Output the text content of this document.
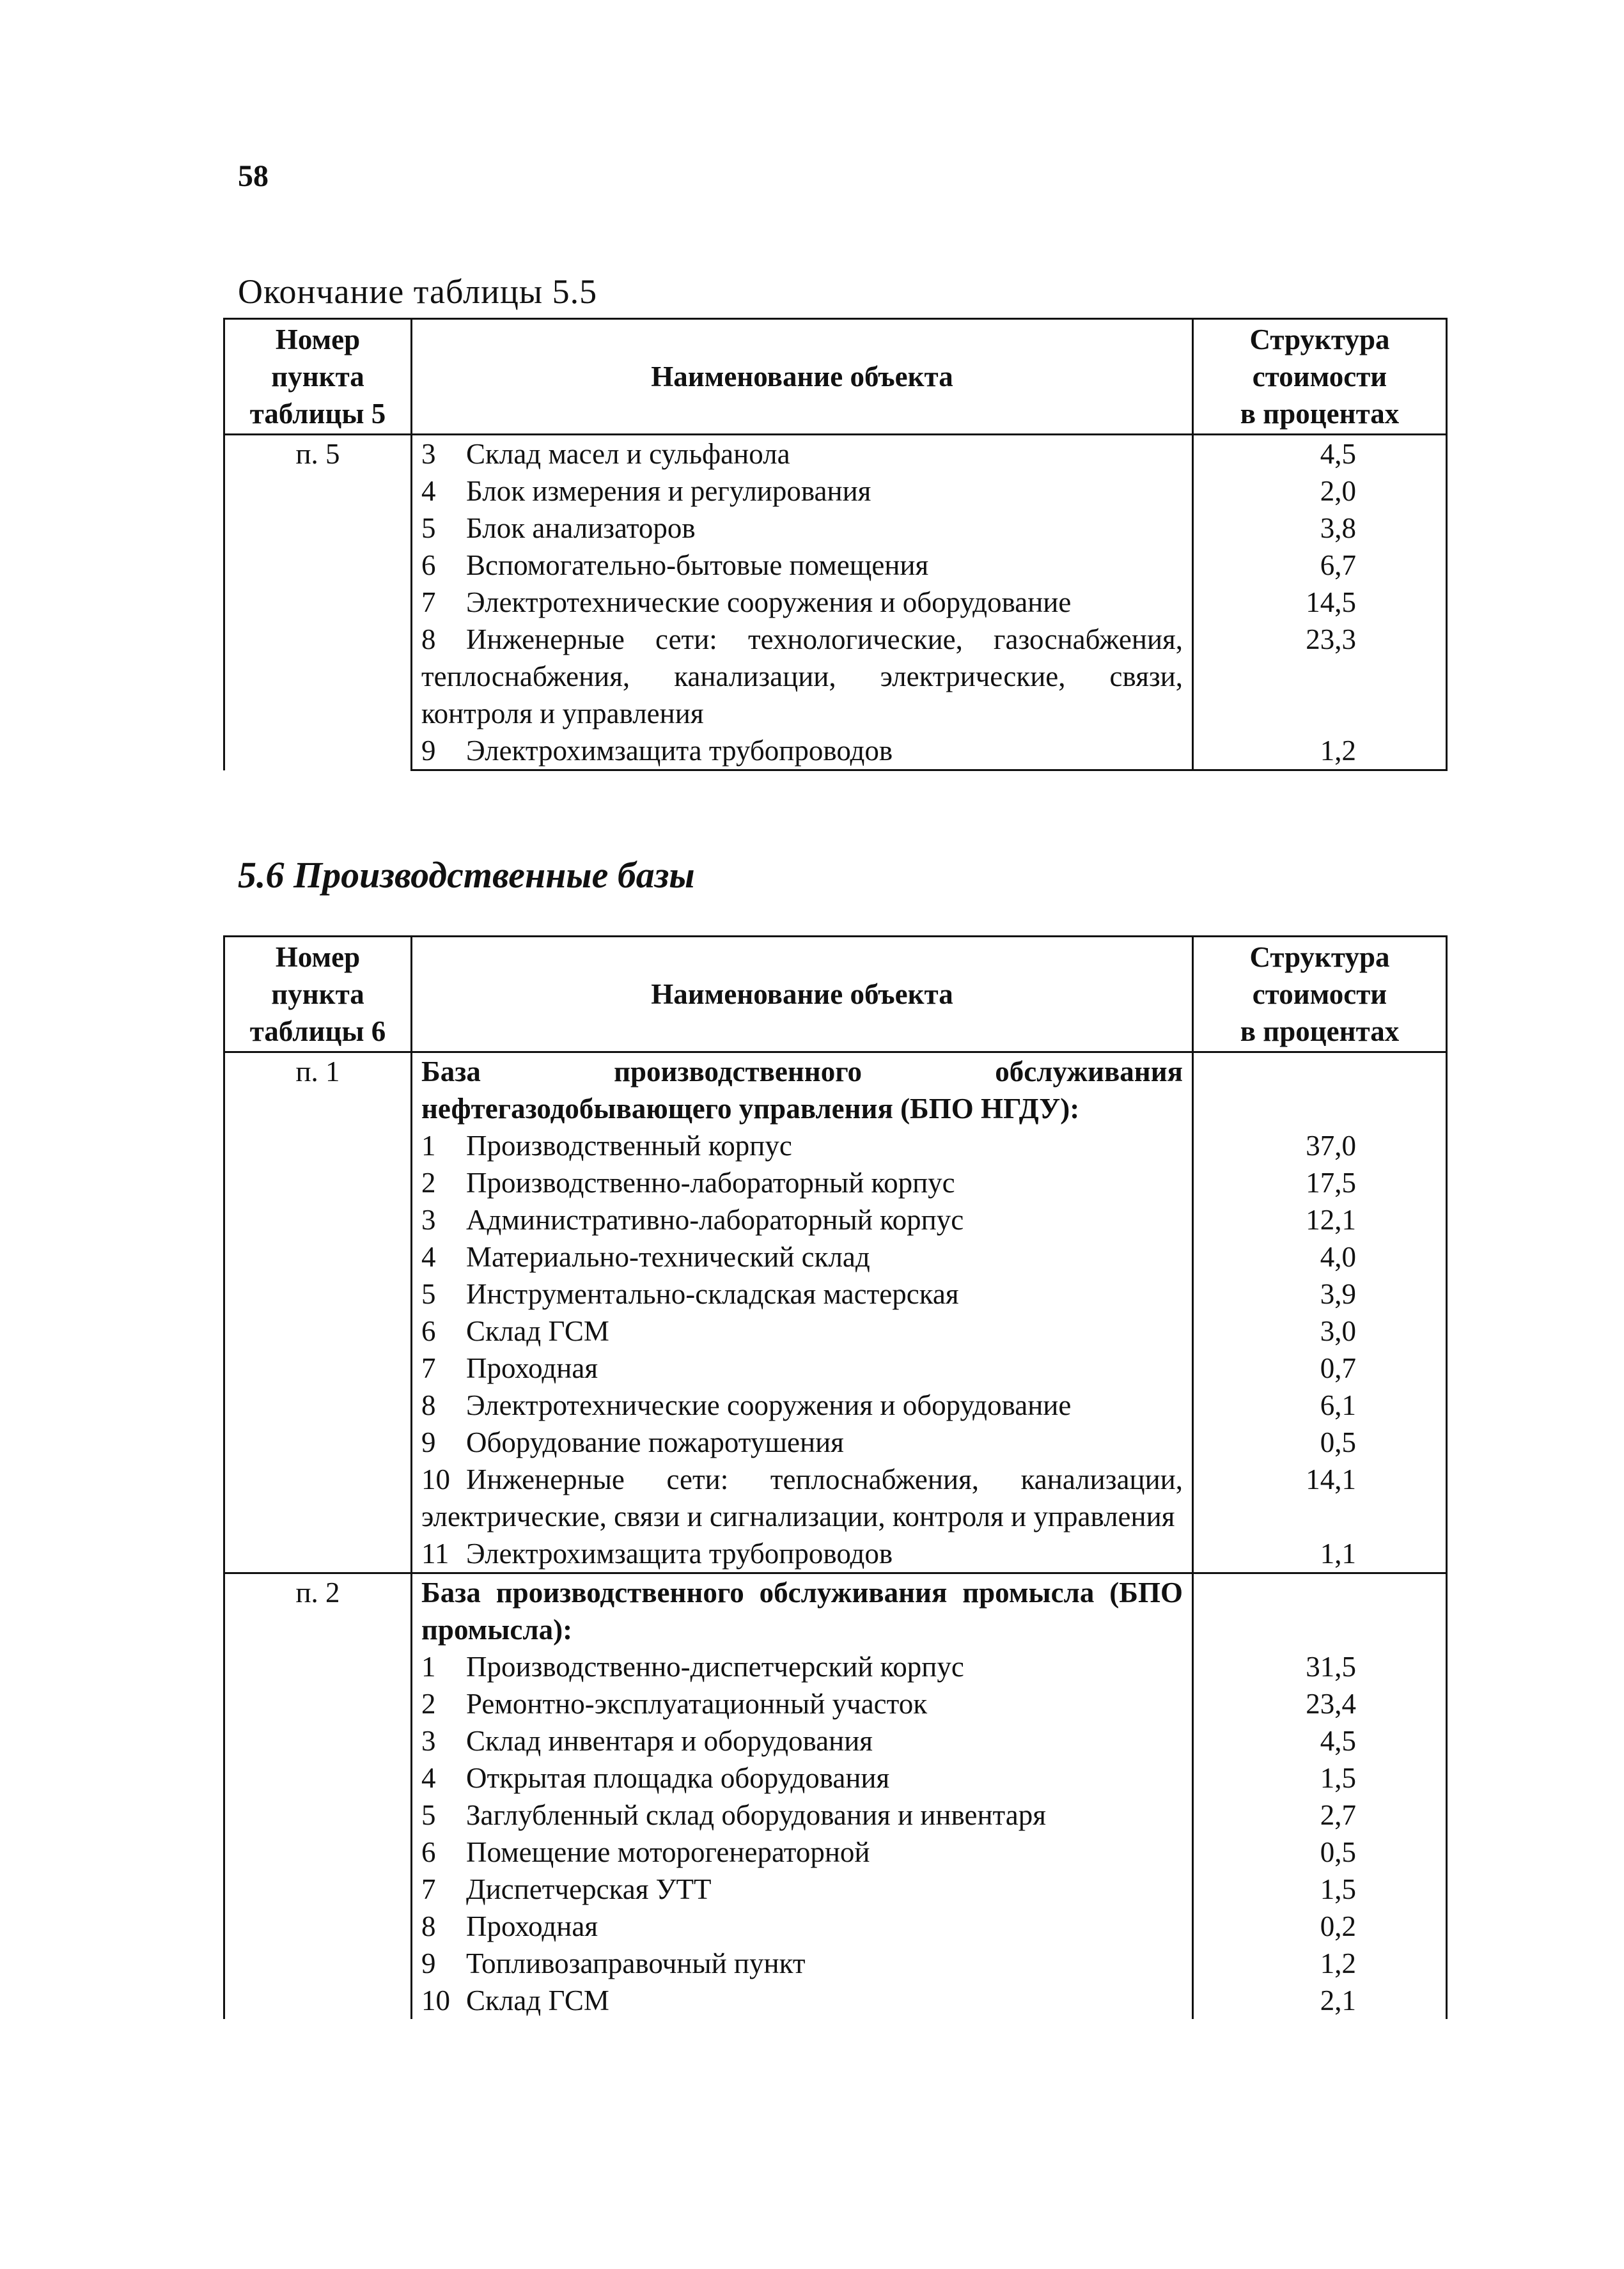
58
Окончание таблицы 5.5
Номер
пункта
таблицы 5	Наименование объекта	Структура
стоимости
в процентах
п. 5	3 Склад масел и сульфанола	4,5
	4 Блок измерения и регулирования	2,0
	5 Блок анализаторов	3,8
	6 Вспомогательно-бытовые помещения	6,7
	7 Электротехнические сооружения и оборудование	14,5
	8 Инженерные сети: технологические, газоснабжения, теплоснабжения, канализации, электрические, связи, контроля и управления	23,3
	9 Электрохимзащита трубопроводов	1,2
5.6 Производственные базы
Номер
пункта
таблицы 6	Наименование объекта	Структура
стоимости
в процентах
п. 1	База производственного обслуживания нефтегазодобывающего управления (БПО НГДУ):	
	1 Производственный корпус	37,0
	2 Производственно-лабораторный корпус	17,5
	3 Административно-лабораторный корпус	12,1
	4 Материально-технический склад	4,0
	5 Инструментально-складская мастерская	3,9
	6 Склад ГСМ	3,0
	7 Проходная	0,7
	8 Электротехнические сооружения и оборудование	6,1
	9 Оборудование пожаротушения	0,5
	10 Инженерные сети: теплоснабжения, канализации, электрические, связи и сигнализации, контроля и управления	14,1
	11 Электрохимзащита трубопроводов	1,1
п. 2	База производственного обслуживания промысла (БПО промысла):	
	1 Производственно-диспетчерский корпус	31,5
	2 Ремонтно-эксплуатационный участок	23,4
	3 Склад инвентаря и оборудования	4,5
	4 Открытая площадка оборудования	1,5
	5 Заглубленный склад оборудования и инвентаря	2,7
	6 Помещение моторогенераторной	0,5
	7 Диспетчерская УТТ	1,5
	8 Проходная	0,2
	9 Топливозаправочный пункт	1,2
	10 Склад ГСМ	2,1
